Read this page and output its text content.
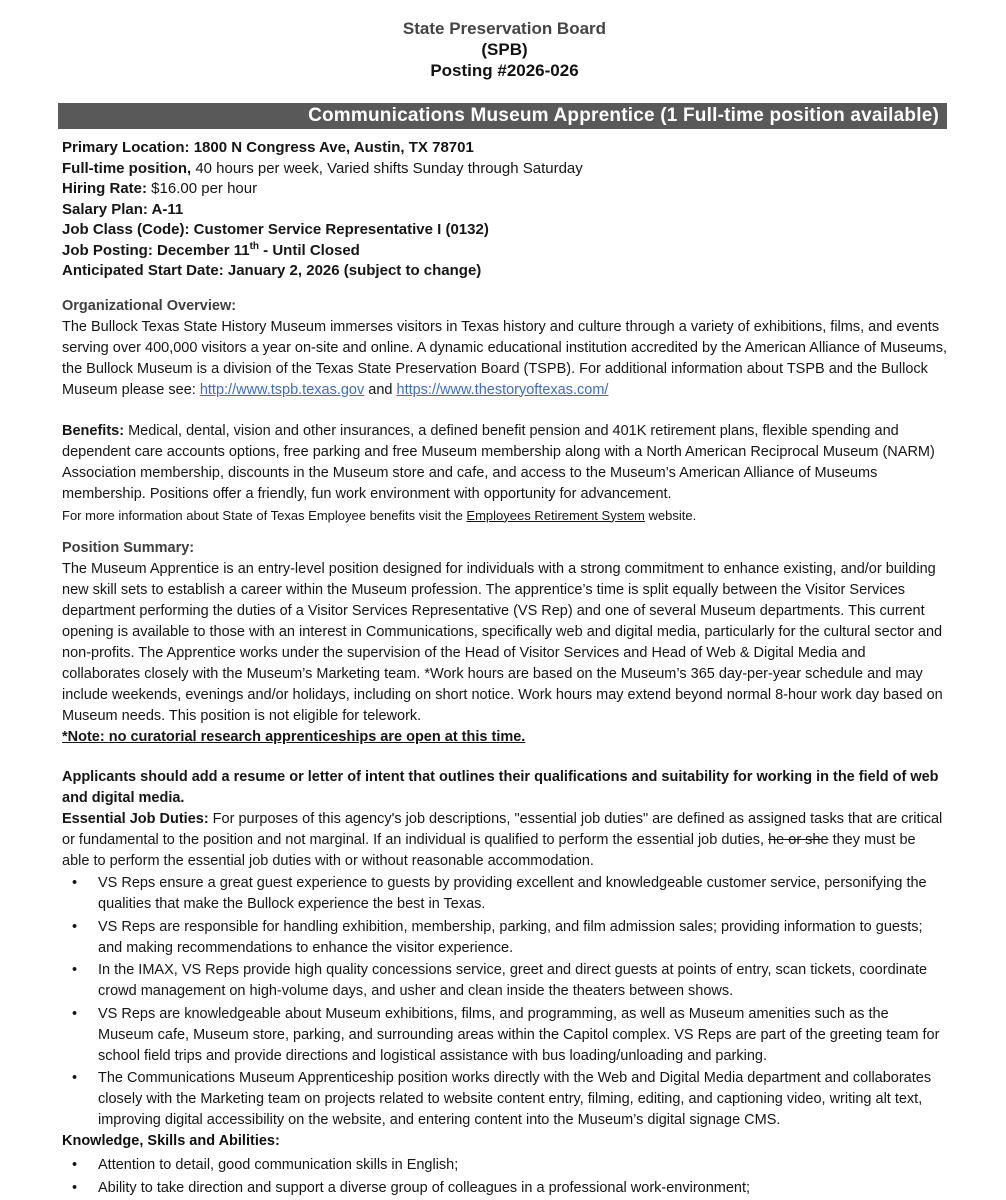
State Preservation Board
(SPB)
Posting #2026-026
Communications Museum Apprentice (1 Full-time position available)
Primary Location: 1800 N Congress Ave, Austin, TX 78701
Full-time position, 40 hours per week, Varied shifts Sunday through Saturday
Hiring Rate: $16.00 per hour
Salary Plan: A-11
Job Class (Code): Customer Service Representative I (0132)
Job Posting: December 11th - Until Closed
Anticipated Start Date: January 2, 2026 (subject to change)
Organizational Overview:
The Bullock Texas State History Museum immerses visitors in Texas history and culture through a variety of exhibitions, films, and events serving over 400,000 visitors a year on-site and online. A dynamic educational institution accredited by the American Alliance of Museums, the Bullock Museum is a division of the Texas State Preservation Board (TSPB). For additional information about TSPB and the Bullock Museum please see: http://www.tspb.texas.gov and https://www.thestoryoftexas.com/
Benefits: Medical, dental, vision and other insurances, a defined benefit pension and 401K retirement plans, flexible spending and dependent care accounts options, free parking and free Museum membership along with a North American Reciprocal Museum (NARM) Association membership, discounts in the Museum store and cafe, and access to the Museum’s American Alliance of Museums membership. Positions offer a friendly, fun work environment with opportunity for advancement.
For more information about State of Texas Employee benefits visit the Employees Retirement System website.
Position Summary:
The Museum Apprentice is an entry-level position designed for individuals with a strong commitment to enhance existing, and/or building new skill sets to establish a career within the Museum profession. The apprentice’s time is split equally between the Visitor Services department performing the duties of a Visitor Services Representative (VS Rep) and one of several Museum departments. This current opening is available to those with an interest in Communications, specifically web and digital media, particularly for the cultural sector and non-profits. The Apprentice works under the supervision of the Head of Visitor Services and Head of Web & Digital Media and collaborates closely with the Museum’s Marketing team. *Work hours are based on the Museum’s 365 day-per-year schedule and may include weekends, evenings and/or holidays, including on short notice. Work hours may extend beyond normal 8-hour work day based on Museum needs. This position is not eligible for telework.
*Note: no curatorial research apprenticeships are open at this time.
Applicants should add a resume or letter of intent that outlines their qualifications and suitability for working in the field of web and digital media.
Essential Job Duties: For purposes of this agency's job descriptions, "essential job duties" are defined as assigned tasks that are critical or fundamental to the position and not marginal. If an individual is qualified to perform the essential job duties, he or she they must be able to perform the essential job duties with or without reasonable accommodation.
• VS Reps ensure a great guest experience to guests by providing excellent and knowledgeable customer service, personifying the qualities that make the Bullock experience the best in Texas.
• VS Reps are responsible for handling exhibition, membership, parking, and film admission sales; providing information to guests; and making recommendations to enhance the visitor experience.
• In the IMAX, VS Reps provide high quality concessions service, greet and direct guests at points of entry, scan tickets, coordinate crowd management on high-volume days, and usher and clean inside the theaters between shows.
• VS Reps are knowledgeable about Museum exhibitions, films, and programming, as well as Museum amenities such as the Museum cafe, Museum store, parking, and surrounding areas within the Capitol complex. VS Reps are part of the greeting team for school field trips and provide directions and logistical assistance with bus loading/unloading and parking.
• The Communications Museum Apprenticeship position works directly with the Web and Digital Media department and collaborates closely with the Marketing team on projects related to website content entry, filming, editing, and captioning video, writing alt text, improving digital accessibility on the website, and entering content into the Museum’s digital signage CMS.
Knowledge, Skills and Abilities:
• Attention to detail, good communication skills in English;
• Ability to take direction and support a diverse group of colleagues in a professional work-environment;
